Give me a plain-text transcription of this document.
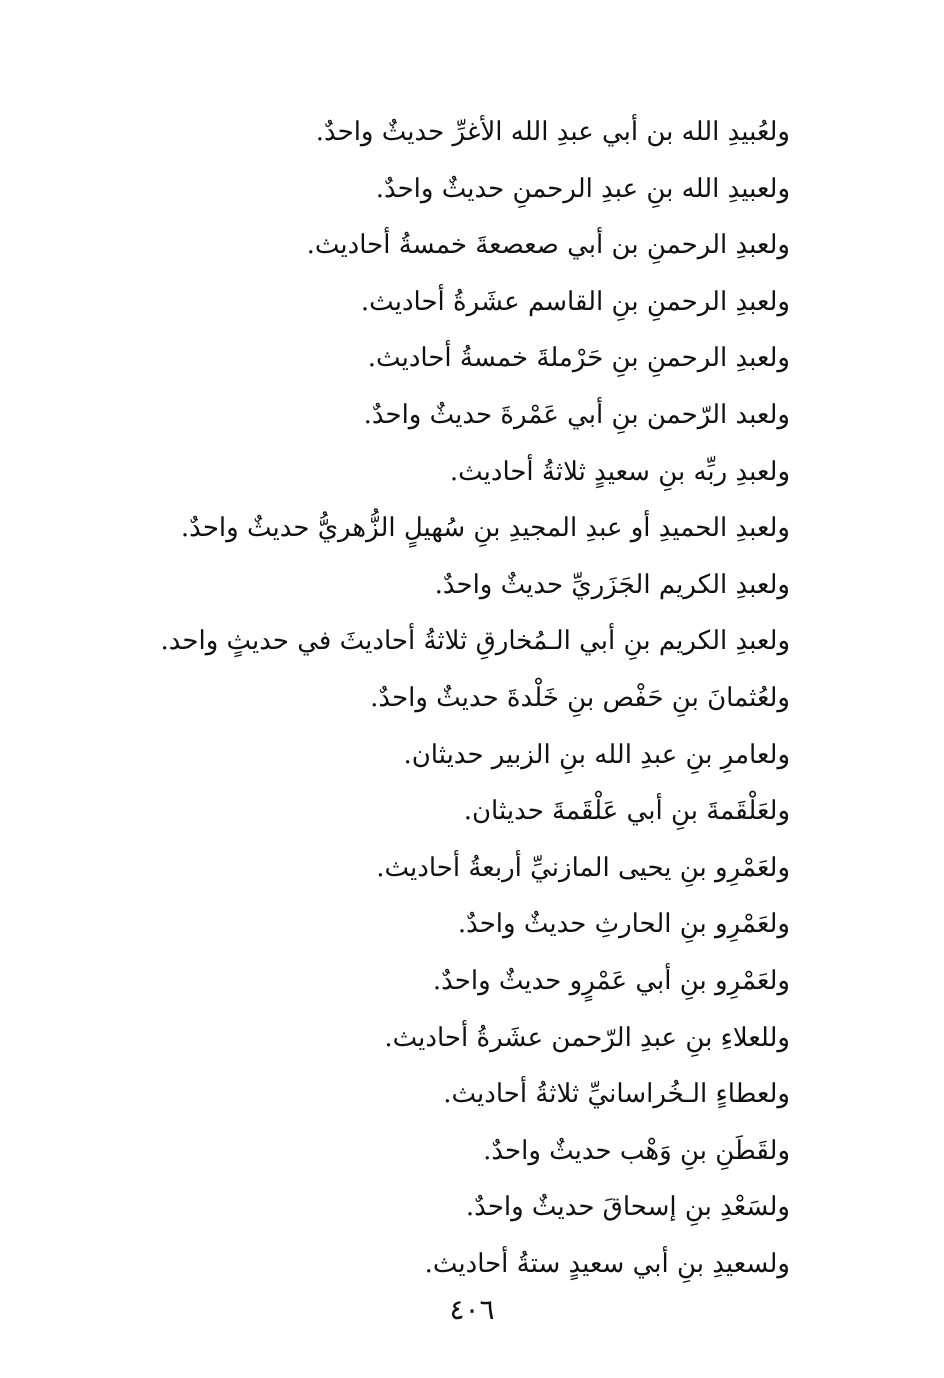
ولعُبيدِ الله بن أبي عبدِ الله الأغرِّ حديثٌ واحدٌ.
ولعبيدِ الله بنِ عبدِ الرحمنِ حديثٌ واحدٌ.
ولعبدِ الرحمنِ بن أبي صعصعةَ خمسةُ أحاديث.
ولعبدِ الرحمنِ بنِ القاسم عشَرةُ أحاديث.
ولعبدِ الرحمنِ بنِ حَرْملةَ خمسةُ أحاديث.
ولعبد الرّحمن بنِ أبي عَمْرةَ حديثٌ واحدٌ.
ولعبدِ ربِّه بنِ سعيدٍ ثلاثةُ أحاديث.
ولعبدِ الحميدِ أو عبدِ المجيدِ بنِ سُهيلٍ الزُّهريُّ حديثٌ واحدٌ.
ولعبدِ الكريم الجَزَريِّ حديثٌ واحدٌ.
ولعبدِ الكريم بنِ أبي الـمُخارقِ ثلاثةُ أحاديثَ في حديثٍ واحد.
ولعُثمانَ بنِ حَفْص بنِ خَلْدةَ حديثٌ واحدٌ.
ولعامرِ بنِ عبدِ الله بنِ الزبير حديثان.
ولعَلْقَمةَ بنِ أبي عَلْقَمةَ حديثان.
ولعَمْرِو بنِ يحيى المازنيِّ أربعةُ أحاديث.
ولعَمْرِو بنِ الحارثِ حديثٌ واحدٌ.
ولعَمْرِو بنِ أبي عَمْرٍو حديثٌ واحدٌ.
وللعلاءِ بنِ عبدِ الرّحمن عشَرةُ أحاديث.
ولعطاءٍ الـخُراسانيِّ ثلاثةُ أحاديث.
ولقَطَنِ بنِ وَهْب حديثٌ واحدٌ.
ولسَعْدِ بنِ إسحاقَ حديثٌ واحدٌ.
ولسعيدِ بنِ أبي سعيدٍ ستةُ أحاديث.
٤٠٦
